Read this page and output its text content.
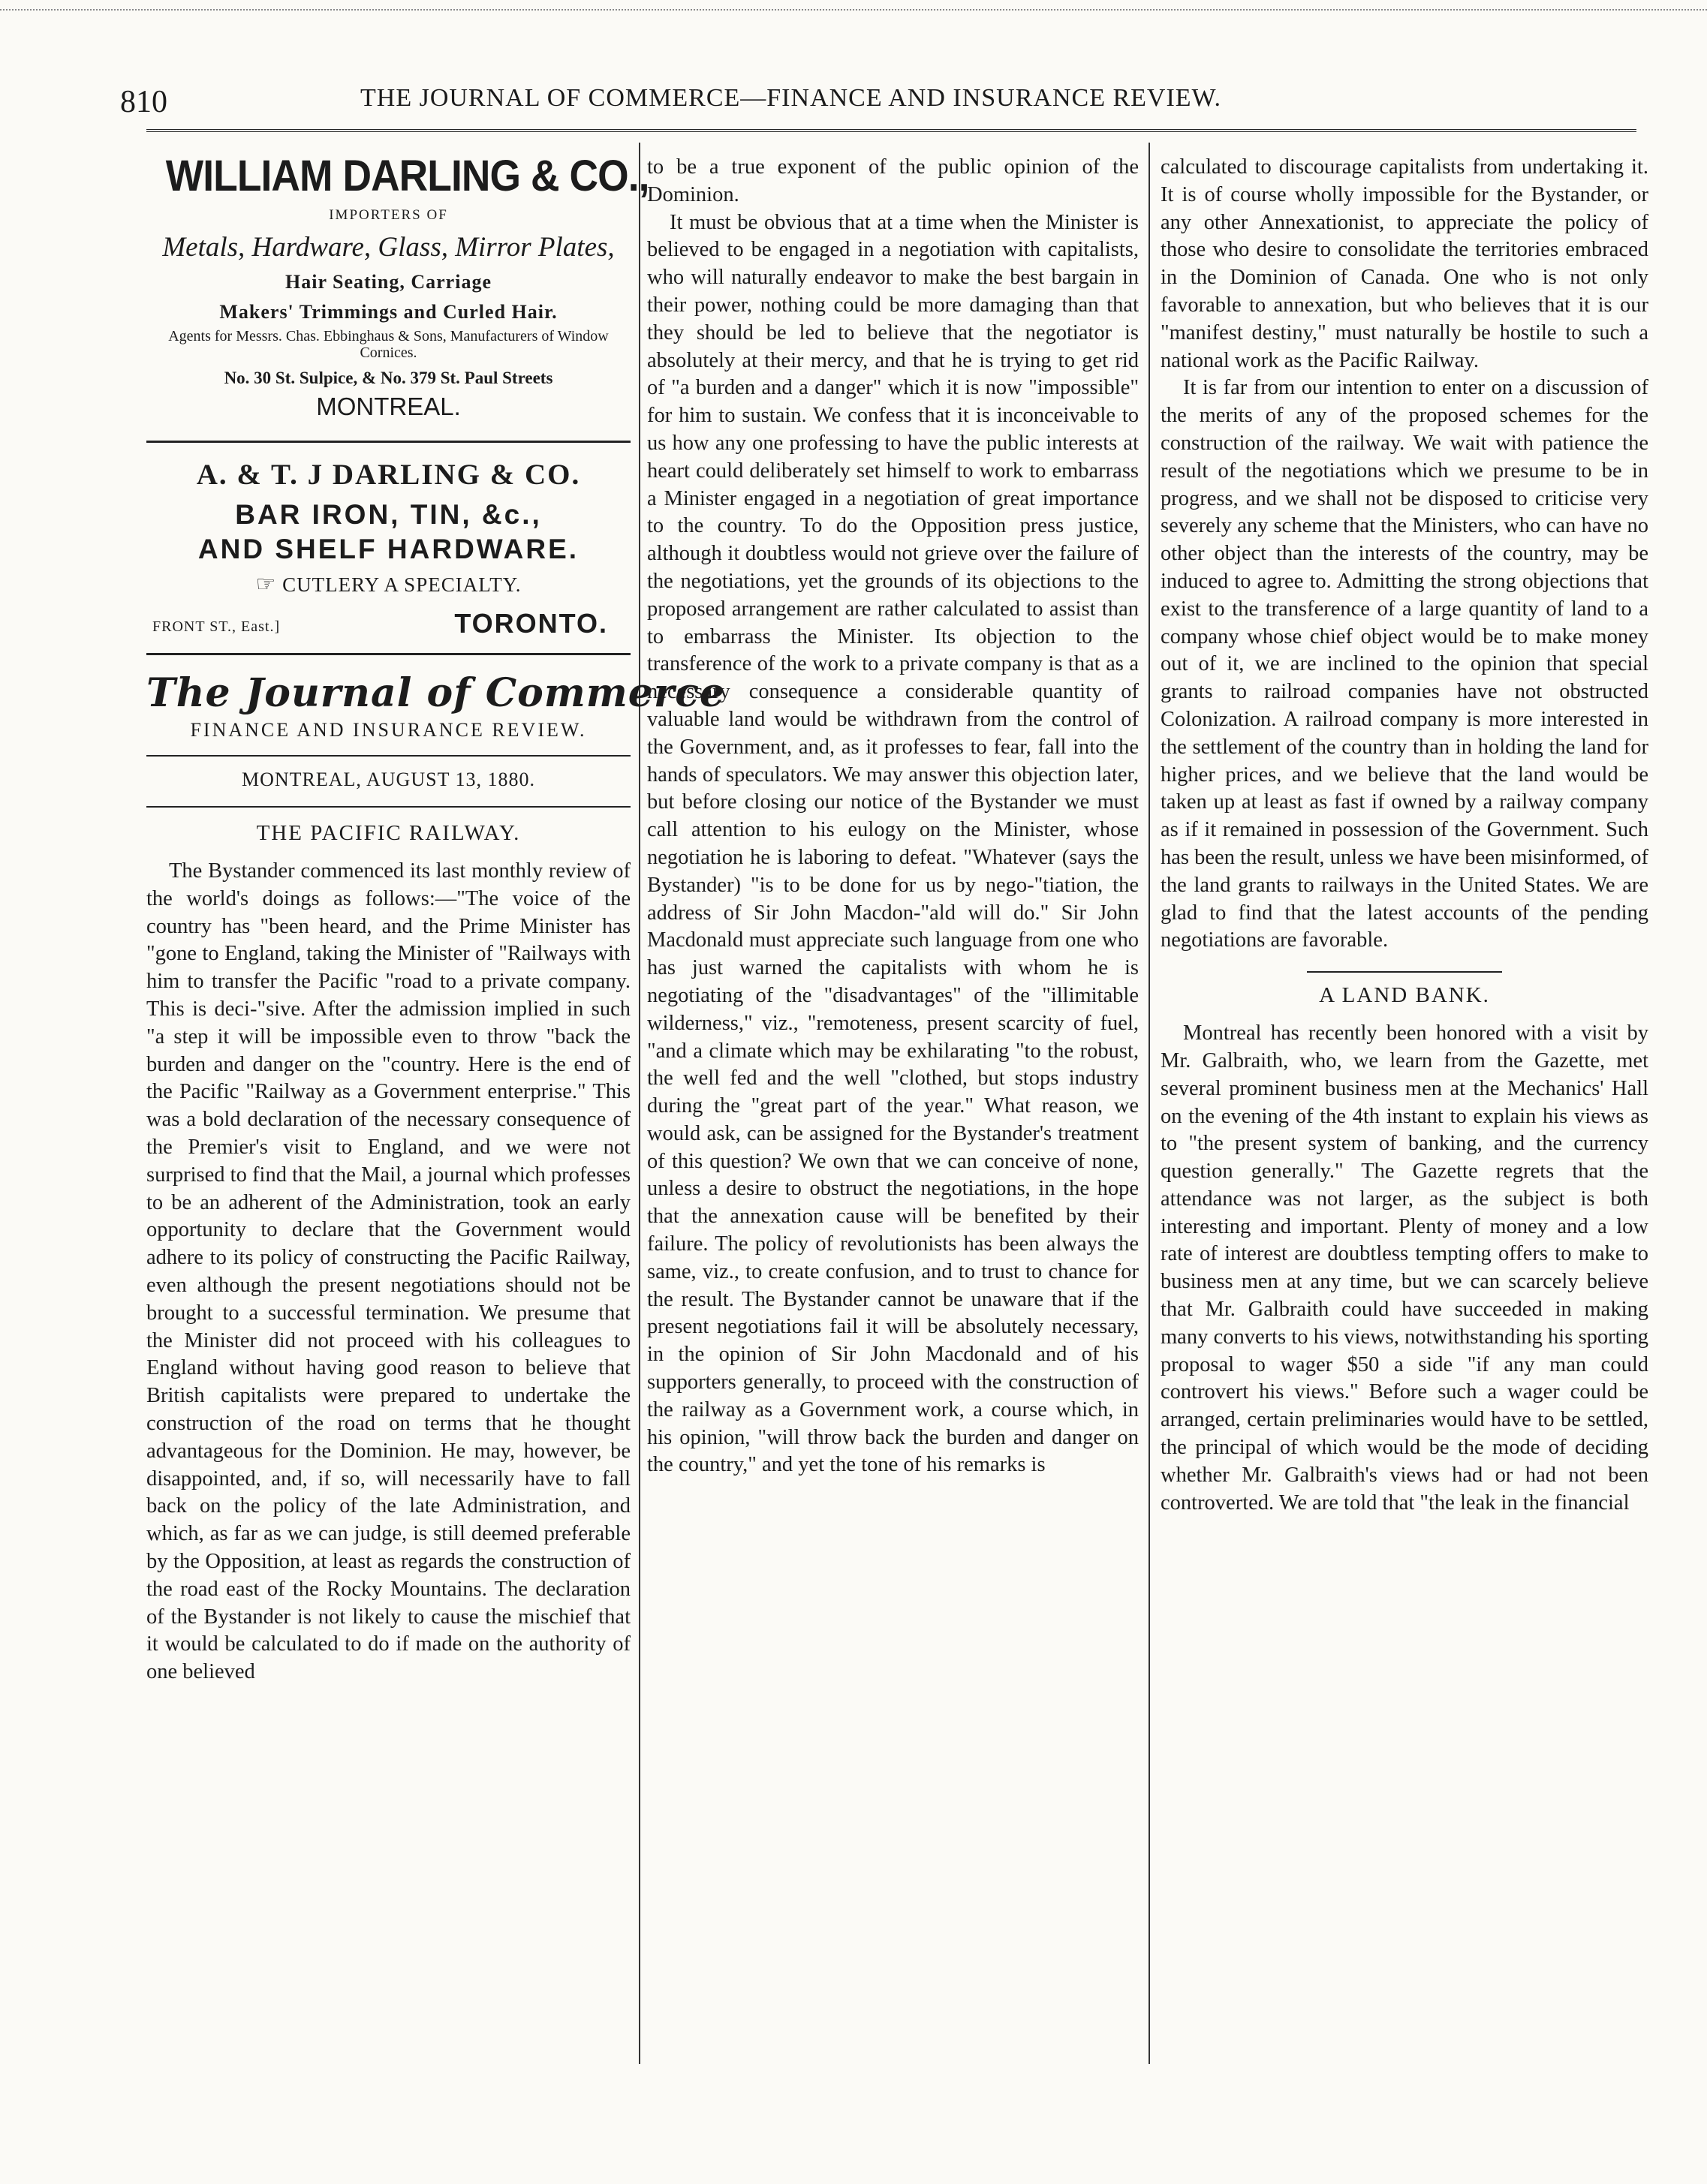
810	THE JOURNAL OF COMMERCE—FINANCE AND INSURANCE REVIEW.
WILLIAM DARLING & CO.,
IMPORTERS OF
Metals, Hardware, Glass, Mirror Plates,
Hair Seating, Carriage
Makers' Trimmings and Curled Hair.
Agents for Messrs. Chas. Ebbinghaus & Sons, Manufacturers of Window Cornices.
No. 30 St. Sulpice, & No. 379 St. Paul Streets
MONTREAL.
A. & T. J DARLING & CO.
BAR IRON, TIN, &c.,
AND SHELF HARDWARE.
☞ CUTLERY A SPECIALTY.
FRONT ST., East.]	TORONTO.
The Journal of Commerce
FINANCE AND INSURANCE REVIEW.
MONTREAL, AUGUST 13, 1880.
THE PACIFIC RAILWAY.

The Bystander commenced its last monthly review of the world's doings as follows:—"The voice of the country has "been heard, and the Prime Minister has "gone to England, taking the Minister of "Railways with him to transfer the Pacific "road to a private company. This is deci-"sive. After the admission implied in such "a step it will be impossible even to throw "back the burden and danger on the "country. Here is the end of the Pacific "Railway as a Government enterprise." This was a bold declaration of the necessary consequence of the Premier's visit to England, and we were not surprised to find that the Mail, a journal which professes to be an adherent of the Administration, took an early opportunity to declare that the Government would adhere to its policy of constructing the Pacific Railway, even although the present negotiations should not be brought to a successful termination. We presume that the Minister did not proceed with his colleagues to England without having good reason to believe that British capitalists were prepared to undertake the construction of the road on terms that he thought advantageous for the Dominion. He may, however, be disappointed, and, if so, will necessarily have to fall back on the policy of the late Administration, and which, as far as we can judge, is still deemed preferable by the Opposition, at least as regards the construction of the road east of the Rocky Mountains. The declaration of the Bystander is not likely to cause the mischief that it would be calculated to do if made on the authority of one believed

to be a true exponent of the public opinion of the Dominion.

It must be obvious that at a time when the Minister is believed to be engaged in a negotiation with capitalists, who will naturally endeavor to make the best bargain in their power, nothing could be more damaging than that they should be led to believe that the negotiator is absolutely at their mercy, and that he is trying to get rid of "a burden and a danger" which it is now "impossible" for him to sustain. We confess that it is inconceivable to us how any one professing to have the public interests at heart could deliberately set himself to work to embarrass a Minister engaged in a negotiation of great importance to the country. To do the Opposition press justice, although it doubtless would not grieve over the failure of the negotiations, yet the grounds of its objections to the proposed arrangement are rather calculated to assist than to embarrass the Minister. Its objection to the transference of the work to a private company is that as a necessary consequence a considerable quantity of valuable land would be withdrawn from the control of the Government, and, as it professes to fear, fall into the hands of speculators. We may answer this objection later, but before closing our notice of the Bystander we must call attention to his eulogy on the Minister, whose negotiation he is laboring to defeat. "Whatever (says the Bystander) "is to be done for us by nego-"tiation, the address of Sir John Macdon-"ald will do." Sir John Macdonald must appreciate such language from one who has just warned the capitalists with whom he is negotiating of the "disadvantages" of the "illimitable wilderness," viz., "remoteness, present scarcity of fuel, "and a climate which may be exhilarating "to the robust, the well fed and the well "clothed, but stops industry during the "great part of the year." What reason, we would ask, can be assigned for the Bystander's treatment of this question? We own that we can conceive of none, unless a desire to obstruct the negotiations, in the hope that the annexation cause will be benefited by their failure. The policy of revolutionists has been always the same, viz., to create confusion, and to trust to chance for the result. The Bystander cannot be unaware that if the present negotiations fail it will be absolutely necessary, in the opinion of Sir John Macdonald and of his supporters generally, to proceed with the construction of the railway as a Government work, a course which, in his opinion, "will throw back the burden and danger on the country," and yet the tone of his remarks is

calculated to discourage capitalists from undertaking it. It is of course wholly impossible for the Bystander, or any other Annexationist, to appreciate the policy of those who desire to consolidate the territories embraced in the Dominion of Canada. One who is not only favorable to annexation, but who believes that it is our "manifest destiny," must naturally be hostile to such a national work as the Pacific Railway.

It is far from our intention to enter on a discussion of the merits of any of the proposed schemes for the construction of the railway. We wait with patience the result of the negotiations which we presume to be in progress, and we shall not be disposed to criticise very severely any scheme that the Ministers, who can have no other object than the interests of the country, may be induced to agree to. Admitting the strong objections that exist to the transference of a large quantity of land to a company whose chief object would be to make money out of it, we are inclined to the opinion that special grants to railroad companies have not obstructed Colonization. A railroad company is more interested in the settlement of the country than in holding the land for higher prices, and we believe that the land would be taken up at least as fast if owned by a railway company as if it remained in possession of the Government. Such has been the result, unless we have been misinformed, of the land grants to railways in the United States. We are glad to find that the latest accounts of the pending negotiations are favorable.

A LAND BANK.

Montreal has recently been honored with a visit by Mr. Galbraith, who, we learn from the Gazette, met several prominent business men at the Mechanics' Hall on the evening of the 4th instant to explain his views as to "the present system of banking, and the currency question generally." The Gazette regrets that the attendance was not larger, as the subject is both interesting and important. Plenty of money and a low rate of interest are doubtless tempting offers to make to business men at any time, but we can scarcely believe that Mr. Galbraith could have succeeded in making many converts to his views, notwithstanding his sporting proposal to wager $50 a side "if any man could controvert his views." Before such a wager could be arranged, certain preliminaries would have to be settled, the principal of which would be the mode of deciding whether Mr. Galbraith's views had or had not been controverted. We are told that "the leak in the financial
